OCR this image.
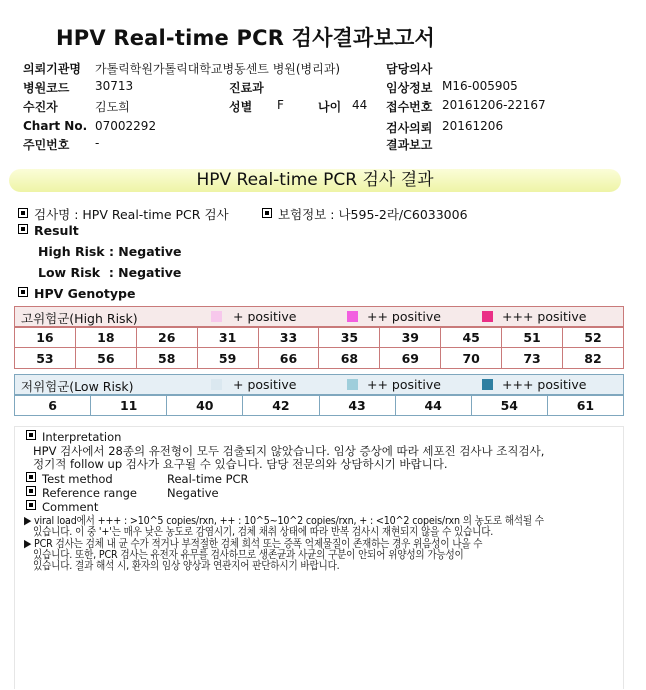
HPV Real-time PCR 검사결과보고서
의뢰기관명 가톨릭학원가톨릭대학교병동센트 병원(병리과)	담당의사
병원코드 30713	진료과	임상정보 M16-005905
수진자	김도희	성별 F	나이 44 접수번호 20161206-22167
Chart No. 07002292	검사의뢰 20161206
주민번호 -	결과보고
HPV Real-time PCR 검사 결과
검사명 : HPV Real-time PCR 검사	보험정보 : 나595-2라/C6033006
Result
High Risk : Negative
Low Risk  : Negative
HPV Genotype
고위험군(High Risk)	+ positive	++ positive	+++ positive
16	18	26	31	33	35	39	45	51	52
53	56	58	59	66	68	69	70	73	82
저위험군(Low Risk)	+ positive	++ positive	+++ positive
6	11	40	42	43	44	54	61
Interpretation
HPV 검사에서 28종의 유전형이 모두 검출되지 않았습니다. 임상 증상에 따라 세포진 검사나 조직검사,
정기적 follow up 검사가 요구될 수 있습니다. 담당 전문의와 상담하시기 바랍니다.
Test method	Real-time PCR
Reference range	Negative
Comment
▶ viral load에서 +++ : >10^5 copies/rxn, ++ : 10^5~10^2 copies/rxn, + : <10^2 copeis/rxn 의 농도로 해석될 수
있습니다. 이 중 '+'는 매우 낮은 농도로 감염시기, 검체 채취 상태에 따라 반복 검사시 재현되지 않을 수 있습니다.
▶ PCR 검사는 검체 내 균 수가 적거나 부적절한 검체 희석 또는 증폭 억제물질이 존재하는 경우 위음성이 나올 수
있습니다. 또한, PCR 검사는 유전자 유무를 검사하므로 생존균과 사균의 구분이 안되어 위양성의 가능성이
있습니다. 결과 해석 시, 환자의 임상 양상과 연관지어 판단하시기 바랍니다.
